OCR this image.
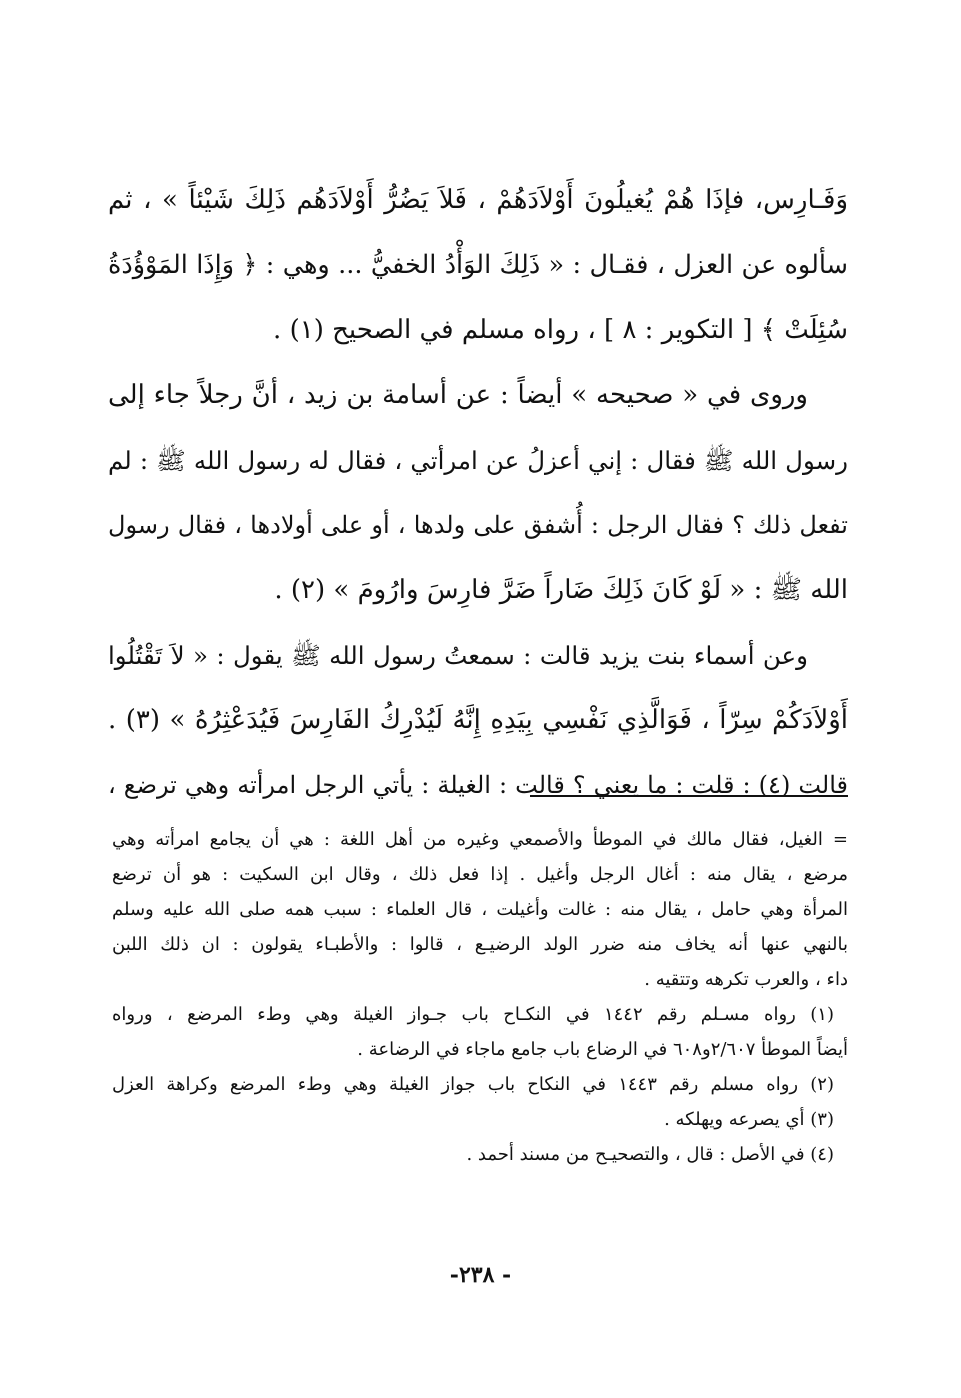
وَفَـارِس، فإذَا هُمْ يُغيلُونَ أَوْلاَدَهُمْ ، فَلاَ يَضُرُّ أَوْلاَدَهُم ذَلِكَ شَيْئاً » ، ثم
سألوه عن العزل ، فقـال : « ذَلِكَ الوَأْدُ الخفيُّ ... وهي : ﴿ وَإِذَا المَوْؤُدَةُ
سُئِلَتْ ﴾ [ التكوير : ٨ ] ، رواه مسلم في الصحيح (١) .
وروى في « صحيحه » أيضاً : عن أسامة بن زيد ، أنَّ رجلاً جاء إلى
رسول الله ﷺ فقال : إني أعزلُ عن امرأتي ، فقال له رسول الله ﷺ : لم
تفعل ذلك ؟ فقال الرجل : أُشفق على ولدها ، أو على أولادها ، فقال رسول
الله ﷺ : « لَوْ كَانَ ذَلِكَ ضَاراً ضَرَّ فارِسَ وارُومَ » (٢) .
وعن أسماء بنت يزيد قالت : سمعتُ رسول الله ﷺ يقول : « لاَ تَقْتُلُوا
أَوْلاَدَكُمْ سِرّاً ، فَوَالَّذِي نَفْسِي بِيَدِهِ إِنَّهُ لَيُدْرِكُ الفَارِسَ فَيُدَعْثِرُهُ » (٣) .
قالت (٤) : قلت : ما يعني ؟ قالت : الغيلة : يأتي الرجل امرأته وهي ترضع ،
= الغيل، فقال مالك في الموطأ والأصمعي وغيره من أهل اللغة : هي أن يجامع امرأته وهي
مرضع ، يقال منه : أغال الرجل وأغيل . إذا فعل ذلك ، وقال ابن السكيت : هو أن ترضع
المرأة وهي حامل ، يقال منه : غالت وأغيلت ، قال العلماء : سبب همه صلى الله عليه وسلم
بالنهي عنها أنه يخاف منه ضرر الولد الرضيـع ، قالوا : والأطبـاء يقولون : ان ذلك اللبن
داء ، والعرب تكرهه وتتقيه .
(١) رواه مسـلم رقم ١٤٤٢ في النكـاح باب جـواز الغيلة وهي وطء المرضع ، ورواه
أيضاً الموطأ ٢/٦٠٧و٦٠٨ في الرضاع باب جامع ماجاء في الرضاعة .
(٢) رواه مسلم رقم ١٤٤٣ في النكاح باب جواز الغيلة وهي وطء المرضع وكراهة العزل
(٣) أي يصرعه ويهلكه .
(٤) في الأصل : قال ، والتصحيـح من مسند أحمد .
- ٢٣٨-
